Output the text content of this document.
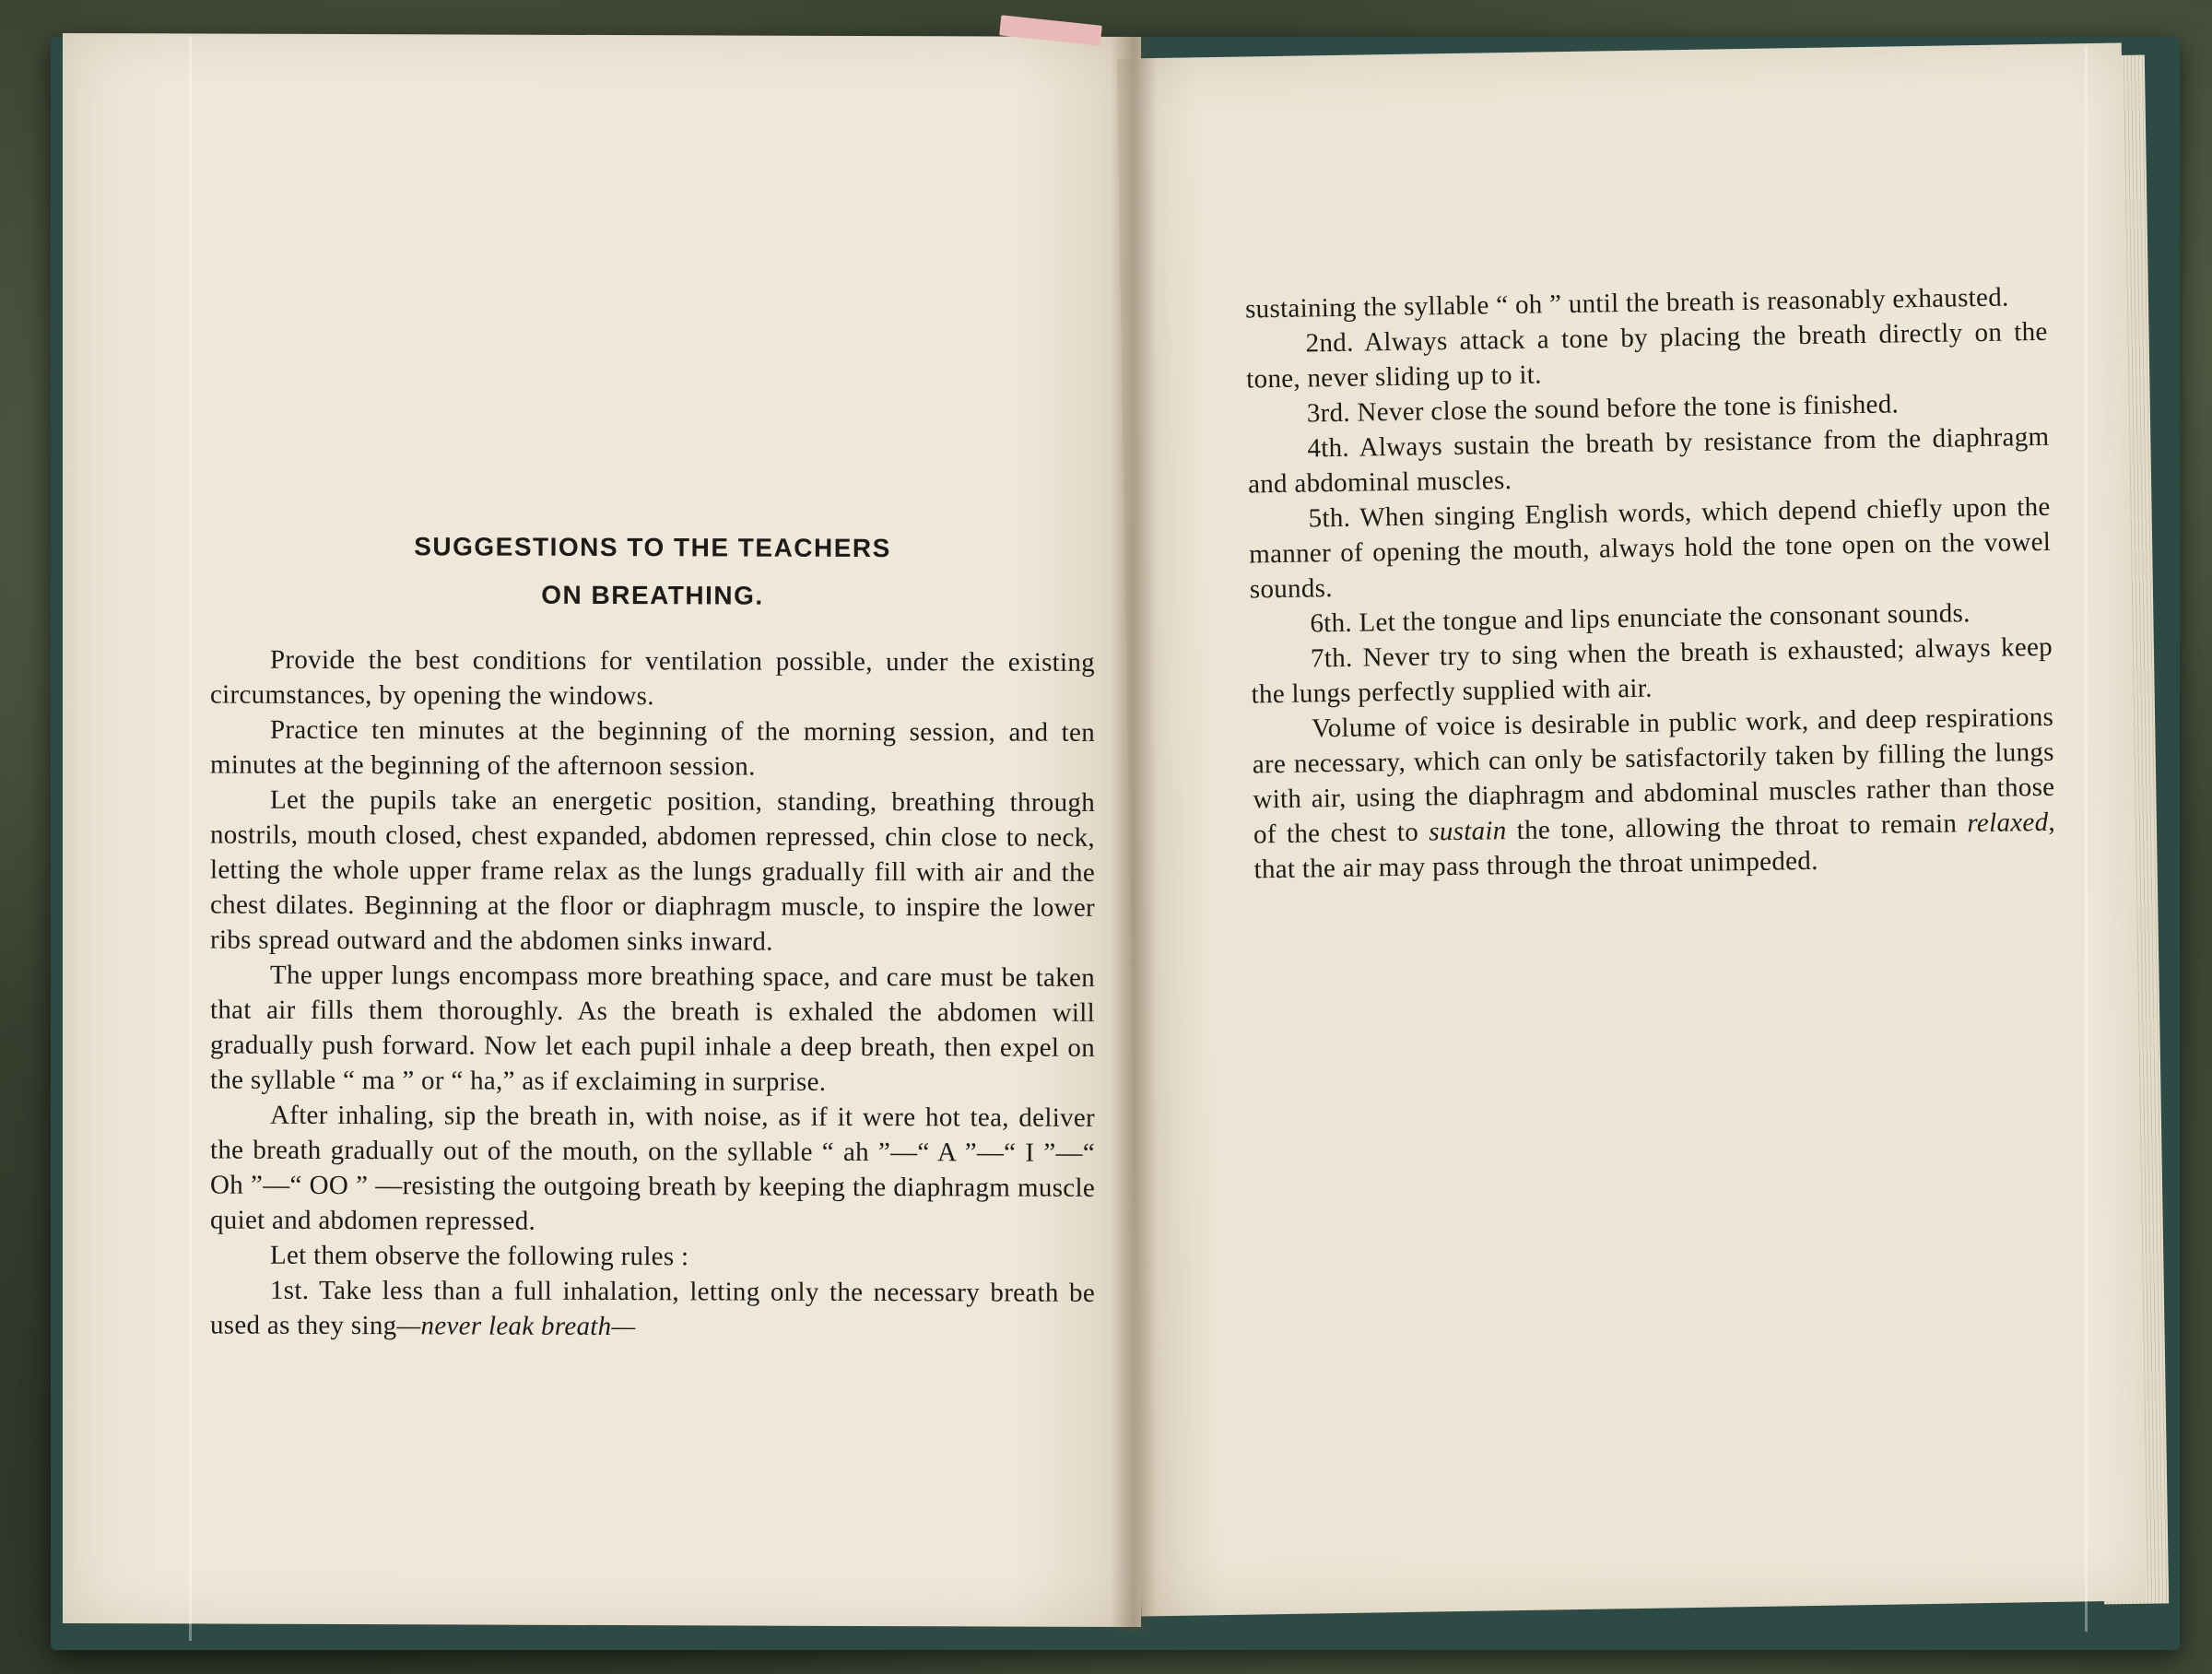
SUGGESTIONS TO THE TEACHERS
ON BREATHING.

Provide the best conditions for ventilation possible, under the existing circumstances, by opening the windows.

Practice ten minutes at the beginning of the morning session, and ten minutes at the beginning of the afternoon session.

Let the pupils take an energetic position, standing, breathing through nostrils, mouth closed, chest expanded, abdomen repressed, chin close to neck, letting the whole upper frame relax as the lungs gradually fill with air and the chest dilates. Beginning at the floor or diaphragm muscle, to inspire the lower ribs spread outward and the abdomen sinks inward.

The upper lungs encompass more breathing space, and care must be taken that air fills them thoroughly. As the breath is exhaled the abdomen will gradually push forward. Now let each pupil inhale a deep breath, then expel on the syllable “ ma ” or “ ha,” as if exclaiming in surprise.

After inhaling, sip the breath in, with noise, as if it were hot tea, deliver the breath gradually out of the mouth, on the syllable “ ah ”—“ A ”—“ I ”—“ Oh ”—“ OO ” —resisting the outgoing breath by keeping the diaphragm muscle quiet and abdomen repressed.

Let them observe the following rules :

1st. Take less than a full inhalation, letting only the necessary breath be used as they sing—never leak breath—

sustaining the syllable “ oh ” until the breath is reasonably exhausted.

2nd. Always attack a tone by placing the breath directly on the tone, never sliding up to it.

3rd. Never close the sound before the tone is finished.

4th. Always sustain the breath by resistance from the diaphragm and abdominal muscles.

5th. When singing English words, which depend chiefly upon the manner of opening the mouth, always hold the tone open on the vowel sounds.

6th. Let the tongue and lips enunciate the consonant sounds.

7th. Never try to sing when the breath is exhausted; always keep the lungs perfectly supplied with air.

Volume of voice is desirable in public work, and deep respirations are necessary, which can only be satisfactorily taken by filling the lungs with air, using the diaphragm and abdominal muscles rather than those of the chest to sustain the tone, allowing the throat to remain relaxed, that the air may pass through the throat unimpeded.
